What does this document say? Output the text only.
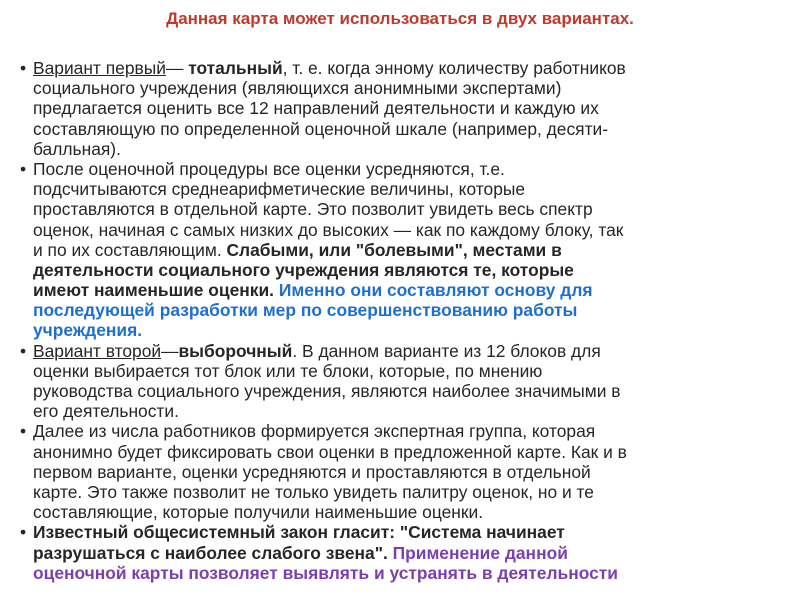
Данная карта может использоваться в двух вариантах.
• Вариант первый— тотальный, т. е. когда энному количеству работников
социального учреждения (являющихся анонимными экспертами)
предлагается оценить все 12 направлений деятельности и каждую их
составляющую по определенной оценочной шкале (например, десяти-
балльная).
• После оценочной процедуры все оценки усредняются, т.е.
подсчитываются среднеарифметические величины, которые
проставляются в отдельной карте. Это позволит увидеть весь спектр
оценок, начиная с самых низких до высоких — как по каждому блоку, так
и по их составляющим. Слабыми, или "болевыми", местами в
деятельности социального учреждения являются те, которые
имеют наименьшие оценки. Именно они составляют основу для
последующей разработки мер по совершенствованию работы
учреждения.
• Вариант второй—выборочный. В данном варианте из 12 блоков для
оценки выбирается тот блок или те блоки, которые, по мнению
руководства социального учреждения, являются наиболее значимыми в
его деятельности.
• Далее из числа работников формируется экспертная группа, которая
анонимно будет фиксировать свои оценки в предложенной карте. Как и в
первом варианте, оценки усредняются и проставляются в отдельной
карте. Это также позволит не только увидеть палитру оценок, но и те
составляющие, которые получили наименьшие оценки.
• Известный общесистемный закон гласит: "Система начинает
разрушаться с наиболее слабого звена". Применение данной
оценочной карты позволяет выявлять и устранять в деятельности
